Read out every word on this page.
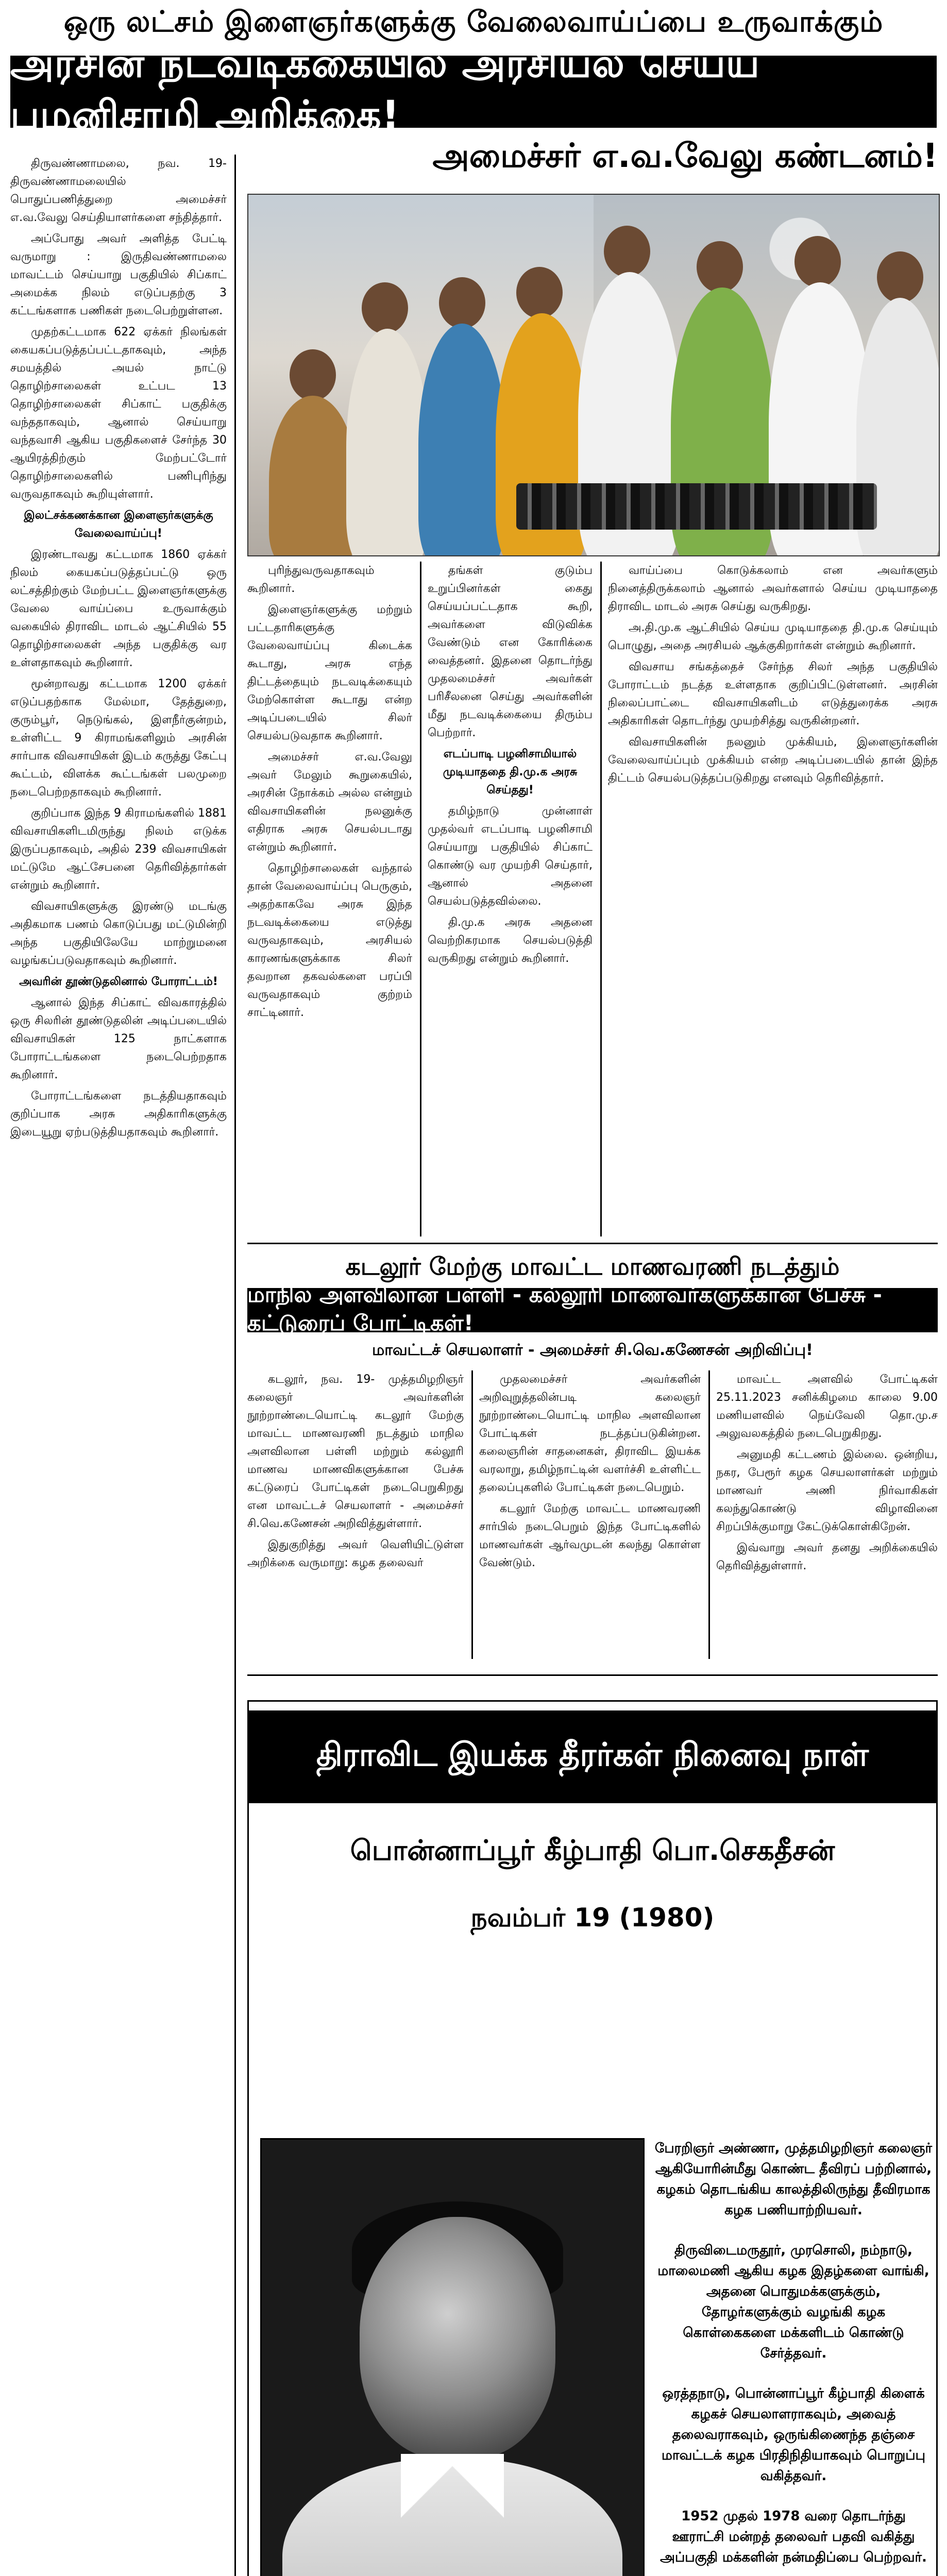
ஒரு லட்சம் இளைஞர்களுக்கு வேலைவாய்ப்பை உருவாக்கும்
அரசின் நடவடிக்கையில் அரசியல் செய்ய பழனிசாமி அறிக்கை!
அமைச்சர் எ.வ.வேலு கண்டனம்!

திருவண்ணாமலை, நவ. 19- திருவண்ணாமலையில் பொதுப்பணித்துறை அமைச்சர் எ.வ.வேலு செய்தியாளர்களை சந்தித்தார்.

அப்போது அவர் அளித்த பேட்டி வருமாறு : இருதிவண்ணாமலை மாவட்டம் செய்யாறு பகுதியில் சிப்காட் அமைக்க நிலம் எடுப்பதற்கு 3 கட்டங்களாக பணிகள் நடைபெற்றுள்ளன.

முதற்கட்டமாக 622 ஏக்கர் நிலங்கள் கையகப்படுத்தப்பட்டதாகவும், அந்த சமயத்தில் அயல் நாட்டு தொழிற்சாலைகள் உட்பட 13 தொழிற்சாலைகள் சிப்காட் பகுதிக்கு வந்ததாகவும், ஆனால் செய்யாறு வந்தவாசி ஆகிய பகுதிகளைச் சேர்ந்த 30 ஆயிரத்திற்கும் மேற்பட்டோர் தொழிற்சாலைகளில் பணிபுரிந்து வருவதாகவும் கூறியுள்ளார்.

இலட்சக்கணக்கான இளைஞர்களுக்கு வேலைவாய்ப்பு!

இரண்டாவது கட்டமாக 1860 ஏக்கர் நிலம் கையகப்படுத்தப்பட்டு ஒரு லட்சத்திற்கும் மேற்பட்ட இளைஞர்களுக்கு வேலை வாய்ப்பை உருவாக்கும் வகையில் திராவிட மாடல் ஆட்சியில் 55 தொழிற்சாலைகள் அந்த பகுதிக்கு வர உள்ளதாகவும் கூறினார்.

மூன்றாவது கட்டமாக 1200 ஏக்கர் எடுப்பதற்காக மேல்மா, தேத்துறை, குரும்பூர், நெடுங்கல், இளநீர்குன்றம், உள்ளிட்ட 9 கிராமங்களிலும் அரசின் சார்பாக விவசாயிகள் இடம் கருத்து கேட்பு கூட்டம், விளக்க கூட்டங்கள் பலமுறை நடைபெற்றதாகவும் கூறினார்.

குறிப்பாக இந்த 9 கிராமங்களில் 1881 விவசாயிகளிடமிருந்து நிலம் எடுக்க இருப்பதாகவும், அதில் 239 விவசாயிகள் மட்டுமே ஆட்சேபனை தெரிவித்தார்கள் என்றும் கூறினார்.

விவசாயிகளுக்கு இரண்டு மடங்கு அதிகமாக பணம் கொடுப்பது மட்டுமின்றி அந்த பகுதியிலேயே மாற்றுமனை வழங்கப்படுவதாகவும் கூறினார்.

அவரின் தூண்டுதலினால் போராட்டம்!

ஆனால் இந்த சிப்காட் விவகாரத்தில் ஒரு சிலரின் தூண்டுதலின் அடிப்படையில் விவசாயிகள் 125 நாட்களாக போராட்டங்களை நடைபெற்றதாக கூறினார்.

போராட்டங்களை நடத்தியதாகவும் குறிப்பாக அரசு அதிகாரிகளுக்கு இடையூறு ஏற்படுத்தியதாகவும் கூறினார்.

புரிந்துவருவதாகவும் கூறினார்.

இளைஞர்களுக்கு மற்றும் பட்டதாரிகளுக்கு வேலைவாய்ப்பு கிடைக்க கூடாது, அரசு எந்த திட்டத்தையும் நடவடிக்கையும் மேற்கொள்ள கூடாது என்ற அடிப்படையில் சிலர் செயல்படுவதாக கூறினார்.

அமைச்சர் எ.வ.வேலு அவர் மேலும் கூறுகையில், அரசின் நோக்கம் அல்ல என்றும் விவசாயிகளின் நலனுக்கு எதிராக அரசு செயல்படாது என்றும் கூறினார்.

தொழிற்சாலைகள் வந்தால் தான் வேலைவாய்ப்பு பெருகும், அதற்காகவே அரசு இந்த நடவடிக்கையை எடுத்து வருவதாகவும், அரசியல் காரணங்களுக்காக சிலர் தவறான தகவல்களை பரப்பி வருவதாகவும் குற்றம் சாட்டினார்.

தங்கள் குடும்ப உறுப்பினர்கள் கைது செய்யப்பட்டதாக கூறி, அவர்களை விடுவிக்க வேண்டும் என கோரிக்கை வைத்தனர். இதனை தொடர்ந்து முதலமைச்சர் அவர்கள் பரிசீலனை செய்து அவர்களின் மீது நடவடிக்கையை திரும்ப பெற்றார்.

எடப்பாடி பழனிசாமியால் முடியாததை தி.மு.க அரசு செய்தது!

தமிழ்நாடு முன்னாள் முதல்வர் எடப்பாடி பழனிசாமி செய்யாறு பகுதியில் சிப்காட் கொண்டு வர முயற்சி செய்தார், ஆனால் அதனை செயல்படுத்தவில்லை.

தி.மு.க அரசு அதனை வெற்றிகரமாக செயல்படுத்தி வருகிறது என்றும் கூறினார்.

வாய்ப்பை கொடுக்கலாம் என அவர்களும் நினைத்திருக்கலாம் ஆனால் அவர்களால் செய்ய முடியாததை திராவிட மாடல் அரசு செய்து வருகிறது.

அ.தி.மு.க ஆட்சியில் செய்ய முடியாததை தி.மு.க செய்யும் பொழுது, அதை அரசியல் ஆக்குகிறார்கள் என்றும் கூறினார்.

விவசாய சங்கத்தைச் சேர்ந்த சிலர் அந்த பகுதியில் போராட்டம் நடத்த உள்ளதாக குறிப்பிட்டுள்ளனர். அரசின் நிலைப்பாட்டை விவசாயிகளிடம் எடுத்துரைக்க அரசு அதிகாரிகள் தொடர்ந்து முயற்சித்து வருகின்றனர்.

விவசாயிகளின் நலனும் முக்கியம், இளைஞர்களின் வேலைவாய்ப்பும் முக்கியம் என்ற அடிப்படையில் தான் இந்த திட்டம் செயல்படுத்தப்படுகிறது எனவும் தெரிவித்தார்.

கடலூர் மேற்கு மாவட்ட மாணவரணி நடத்தும்
மாநில அளவிலான பள்ளி - கல்லூரி மாணவர்களுக்கான பேச்சு - கட்டுரைப் போட்டிகள்!
மாவட்டச் செயலாளர் - அமைச்சர் சி.வெ.கணேசன் அறிவிப்பு!

கடலூர், நவ. 19- முத்தமிழறிஞர் கலைஞர் அவர்களின் நூற்றாண்டையொட்டி கடலூர் மேற்கு மாவட்ட மாணவரணி நடத்தும் மாநில அளவிலான பள்ளி மற்றும் கல்லூரி மாணவ மாணவிகளுக்கான பேச்சு கட்டுரைப் போட்டிகள் நடைபெறுகிறது என மாவட்டச் செயலாளர் - அமைச்சர் சி.வெ.கணேசன் அறிவித்துள்ளார்.

இதுகுறித்து அவர் வெளியிட்டுள்ள அறிக்கை வருமாறு: கழக தலைவர்

முதலமைச்சர் அவர்களின் அறிவுறுத்தலின்படி கலைஞர் நூற்றாண்டையொட்டி மாநில அளவிலான போட்டிகள் நடத்தப்படுகின்றன. கலைஞரின் சாதனைகள், திராவிட இயக்க வரலாறு, தமிழ்நாட்டின் வளர்ச்சி உள்ளிட்ட தலைப்புகளில் போட்டிகள் நடைபெறும்.

கடலூர் மேற்கு மாவட்ட மாணவரணி சார்பில் நடைபெறும் இந்த போட்டிகளில் மாணவர்கள் ஆர்வமுடன் கலந்து கொள்ள வேண்டும்.

மாவட்ட அளவில் போட்டிகள் 25.11.2023 சனிக்கிழமை காலை 9.00 மணியளவில் நெய்வேலி தொ.மு.ச அலுவலகத்தில் நடைபெறுகிறது.

அனுமதி கட்டணம் இல்லை. ஒன்றிய, நகர, பேரூர் கழக செயலாளர்கள் மற்றும் மாணவர் அணி நிர்வாகிகள் கலந்துகொண்டு விழாவினை சிறப்பிக்குமாறு கேட்டுக்கொள்கிறேன்.

இவ்வாறு அவர் தனது அறிக்கையில் தெரிவித்துள்ளார்.

திராவிட இயக்க தீரர்கள் நினைவு நாள்
பொன்னாப்பூர் கீழ்பாதி பொ.செகதீசன்
நவம்பர் 19 (1980)

பேரறிஞர் அண்ணா, முத்தமிழறிஞர் கலைஞர் ஆகியோரின்மீது கொண்ட தீவிரப் பற்றினால், கழகம் தொடங்கிய காலத்திலிருந்து தீவிரமாக கழக பணியாற்றியவர்.

திருவிடைமருதூர், முரசொலி, நம்நாடு, மாலைமணி ஆகிய கழக இதழ்களை வாங்கி, அதனை பொதுமக்களுக்கும், தோழர்களுக்கும் வழங்கி கழக கொள்கைகளை மக்களிடம் கொண்டு சேர்த்தவர்.

ஒரத்தநாடு, பொன்னாப்பூர் கீழ்பாதி கிளைக் கழகச் செயலாளராகவும், அவைத் தலைவராகவும், ஒருங்கிணைந்த தஞ்சை மாவட்டக் கழக பிரதிநிதியாகவும் பொறுப்பு வகித்தவர்.

1952 முதல் 1978 வரை தொடர்ந்து ஊராட்சி மன்றத் தலைவர் பதவி வகித்து அப்பகுதி மக்களின் நன்மதிப்பை பெற்றவர்.
